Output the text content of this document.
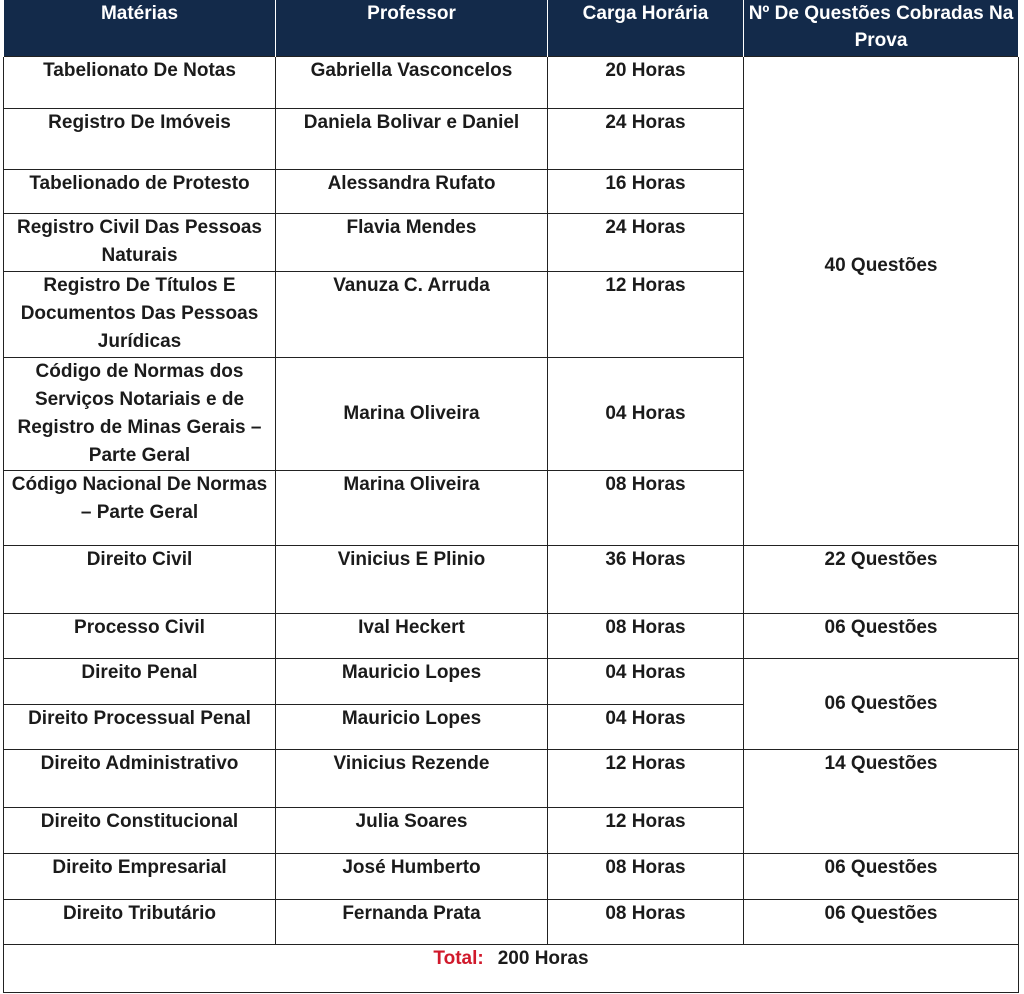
Matérias	Professor	Carga Horária	Nº De Questões Cobradas Na Prova
Tabelionato De Notas	Gabriella Vasconcelos	20 Horas	40 Questões
Registro De Imóveis	Daniela Bolivar e Daniel	24 Horas	
Tabelionado de Protesto	Alessandra Rufato	16 Horas	
Registro Civil Das Pessoas Naturais	Flavia Mendes	24 Horas	
Registro De Títulos E Documentos Das Pessoas Jurídicas	Vanuza C. Arruda	12 Horas	
Código de Normas dos Serviços Notariais e de Registro de Minas Gerais – Parte Geral	Marina Oliveira	04 Horas	
Código Nacional De Normas – Parte Geral	Marina Oliveira	08 Horas	
Direito Civil	Vinicius E Plinio	36 Horas	22 Questões
Processo Civil	Ival Heckert	08 Horas	06 Questões
Direito Penal	Mauricio Lopes	04 Horas	06 Questões
Direito Processual Penal	Mauricio Lopes	04 Horas	
Direito Administrativo	Vinicius Rezende	12 Horas	14 Questões
Direito Constitucional	Julia Soares	12 Horas	
Direito Empresarial	José Humberto	08 Horas	06 Questões
Direito Tributário	Fernanda Prata	08 Horas	06 Questões
Total: 200 Horas			
